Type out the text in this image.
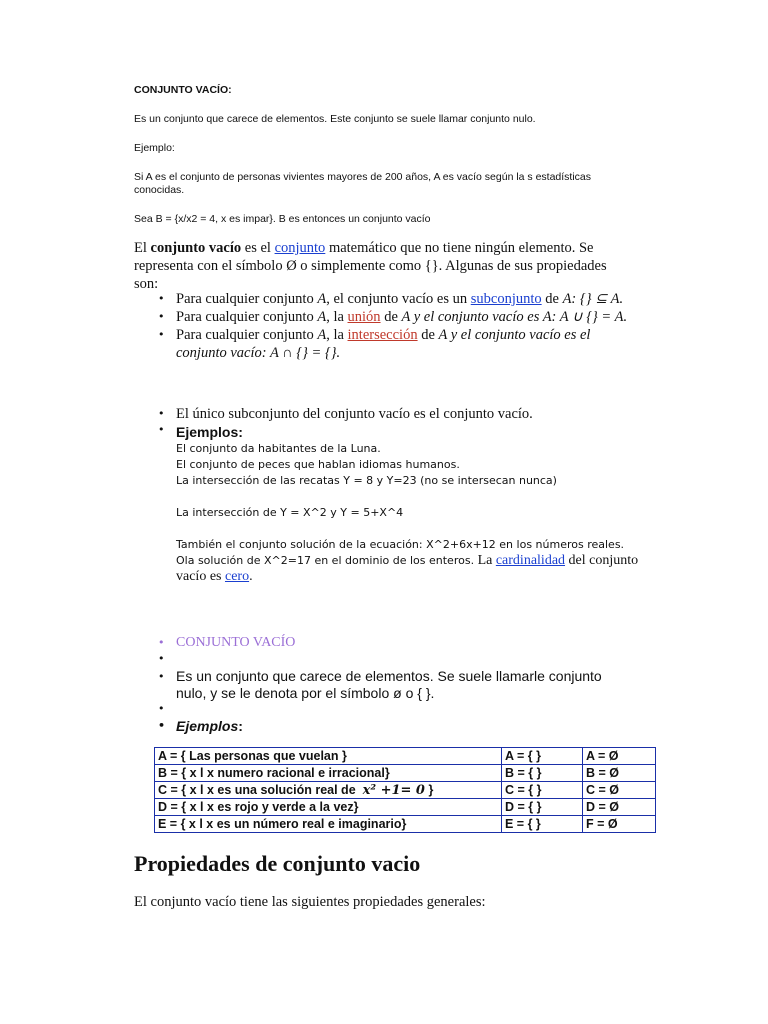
CONJUNTO VACÍO:
Es un conjunto que carece de elementos. Este conjunto se suele llamar conjunto nulo.
Ejemplo:
Si A es el conjunto de personas vivientes mayores de 200 años, A es vacío según la s estadísticas conocidas.
Sea B = {x/x2 = 4, x es impar}. B es entonces un conjunto vacío
El conjunto vacío es el conjunto matemático que no tiene ningún elemento. Se representa con el símbolo Ø o simplemente como {}. Algunas de sus propiedades son:
• Para cualquier conjunto A, el conjunto vacío es un subconjunto de A: {} ⊆ A.
• Para cualquier conjunto A, la unión de A y el conjunto vacío es A: A ∪ {} = A.
• Para cualquier conjunto A, la intersección de A y el conjunto vacío es el conjunto vacío: A ∩ {} = {}.
• El único subconjunto del conjunto vacío es el conjunto vacío.
• Ejemplos:
El conjunto da habitantes de la Luna.
El conjunto de peces que hablan idiomas humanos.
La intersección de las recatas Y = 8 y Y=23 (no se intersecan nunca)
La intersección de Y = X^2 y Y = 5+X^4
También el conjunto solución de la ecuación: X^2+6x+12 en los números reales.
Ola solución de X^2=17 en el dominio de los enteros. La cardinalidad del conjunto vacío es cero.
• CONJUNTO VACÍO
•
• Es un conjunto que carece de elementos. Se suele llamarle conjunto nulo, y se le denota por el símbolo ø o { }.
•
• Ejemplos:
A = { Las personas que vuelan }	A = { }	A = Ø
B = { x l x numero racional e irracional}	B = { }	B = Ø
C = { x l x es una solución real de x² +1= 0 }	C = { }	C = Ø
D = { x l x es rojo y verde a la vez}	D = { }	D = Ø
E = { x l x es un número real e imaginario}	E = { }	F = Ø
Propiedades de conjunto vacio
El conjunto vacío tiene las siguientes propiedades generales:
